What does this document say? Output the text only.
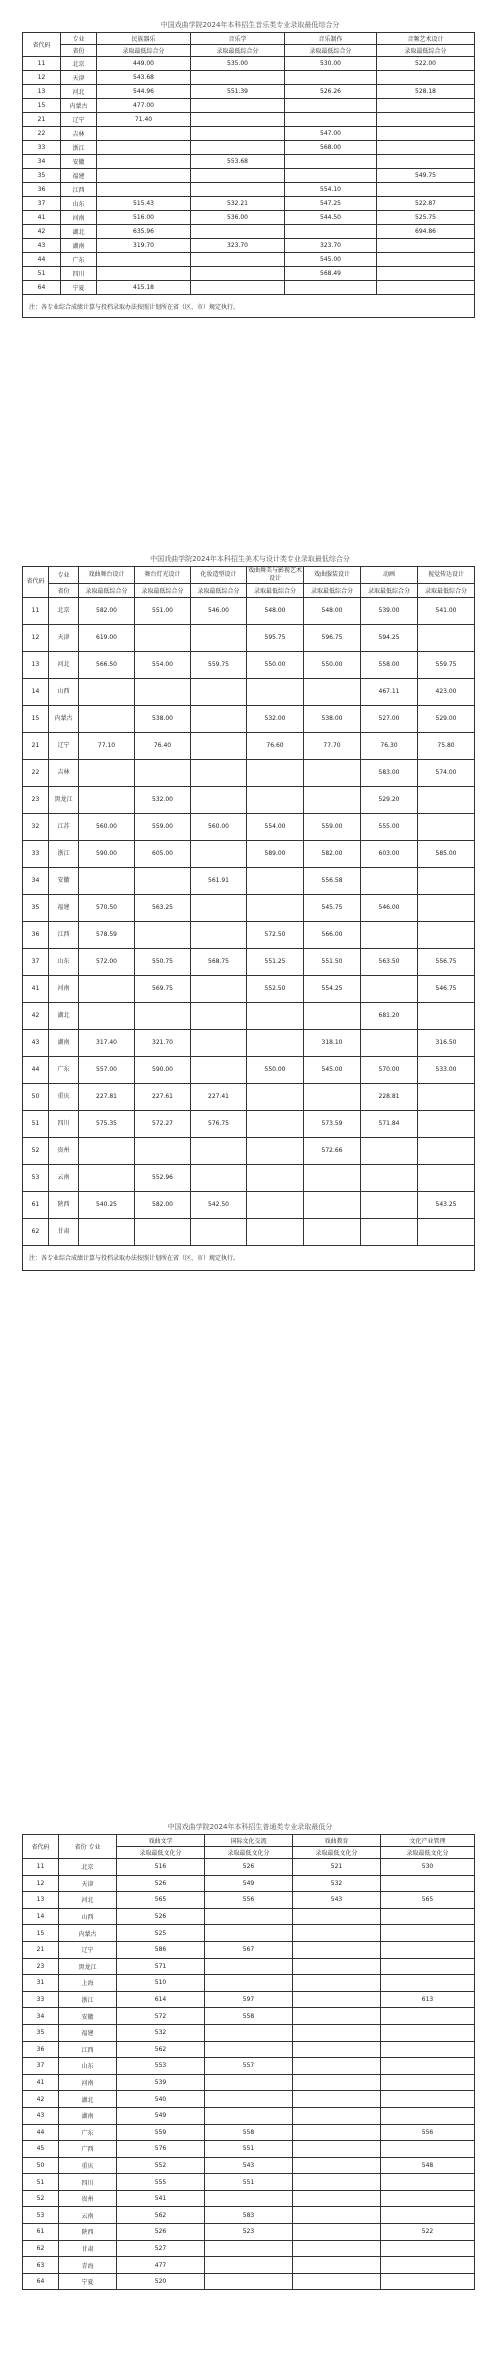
中国戏曲学院2024年本科招生音乐类专业录取最低综合分
省代码	专业	民族器乐	音乐学	音乐制作	音频艺术设计
	省份	录取最低综合分	录取最低综合分	录取最低综合分	录取最低综合分
11	北京	449.00	535.00	530.00	522.00
12	天津	543.68			
13	河北	544.96	551.39	526.26	528.18
15	内蒙古	477.00			
21	辽宁	71.40			
22	吉林			547.00	
33	浙江			568.00	
34	安徽		553.68		
35	福建				549.75
36	江西			554.10	
37	山东	515.43	532.21	547.25	522.87
41	河南	516.00	536.00	544.50	525.75
42	湖北	635.96			694.86
43	湖南	319.70	323.70	323.70	
44	广东			545.00	
51	四川			568.49	
64	宁夏	415.18			
注：各专业综合成绩计算与投档录取办法按照计划所在省（区、市）规定执行。					
中国戏曲学院2024年本科招生美术与设计类专业录取最低综合分
省代码	专业	戏曲舞台设计	舞台灯光设计	化妆造型设计	戏曲舞美与影视艺术设计	戏曲服装设计	动画	视觉传达设计
	省份	录取最低综合分	录取最低综合分	录取最低综合分	录取最低综合分	录取最低综合分	录取最低综合分	录取最低综合分
11	北京	582.00	551.00	546.00	548.00	548.00	539.00	541.00
12	天津	619.00			595.75	596.75	594.25	
13	河北	566.50	554.00	559.75	550.00	550.00	558.00	559.75
14	山西						467.11	423.00
15	内蒙古		538.00		532.00	538.00	527.00	529.00
21	辽宁	77.10	76.40		76.60	77.70	76.30	75.80
22	吉林						583.00	574.00
23	黑龙江		532.00				529.20	
32	江苏	560.00	559.00	560.00	554.00	559.00	555.00	
33	浙江	590.00	605.00		589.00	582.00	603.00	585.00
34	安徽			561.91		556.58		
35	福建	570.50	563.25			545.75	546.00	
36	江西	578.59			572.50	566.00		
37	山东	572.00	550.75	568.75	551.25	551.50	563.50	556.75
41	河南		569.75		552.50	554.25		546.75
42	湖北						681.20	
43	湖南	317.40	321.70			318.10		316.50
44	广东	557.00	590.00		550.00	545.00	570.00	533.00
50	重庆	227.81	227.61	227.41			228.81	
51	四川	575.35	572.27	576.75		573.59	571.84	
52	贵州					572.66		
53	云南		552.96					
61	陕西	540.25	582.00	542.50				543.25
62	甘肃							
注：各专业综合成绩计算与投档录取办法按照计划所在省（区、市）规定执行。								
中国戏曲学院2024年本科招生普通类专业录取最低分
省代码	省份 专业	戏曲文学	国际文化交流	戏曲教育	文化产业管理
		录取最低文化分	录取最低文化分	录取最低文化分	录取最低文化分
11	北京	516	526	521	530
12	天津	526	549	532	
13	河北	565	556	543	565
14	山西	526			
15	内蒙古	525			
21	辽宁	586	567		
23	黑龙江	571			
31	上海	510			
33	浙江	614	597		613
34	安徽	572	558		
35	福建	532			
36	江西	562			
37	山东	553	557		
41	河南	539			
42	湖北	540			
43	湖南	549			
44	广东	559	558		556
45	广西	576	551		
50	重庆	552	543		548
51	四川	555	551		
52	贵州	541			
53	云南	562	583		
61	陕西	526	523		522
62	甘肃	527			
63	青海	477			
64	宁夏	520			
